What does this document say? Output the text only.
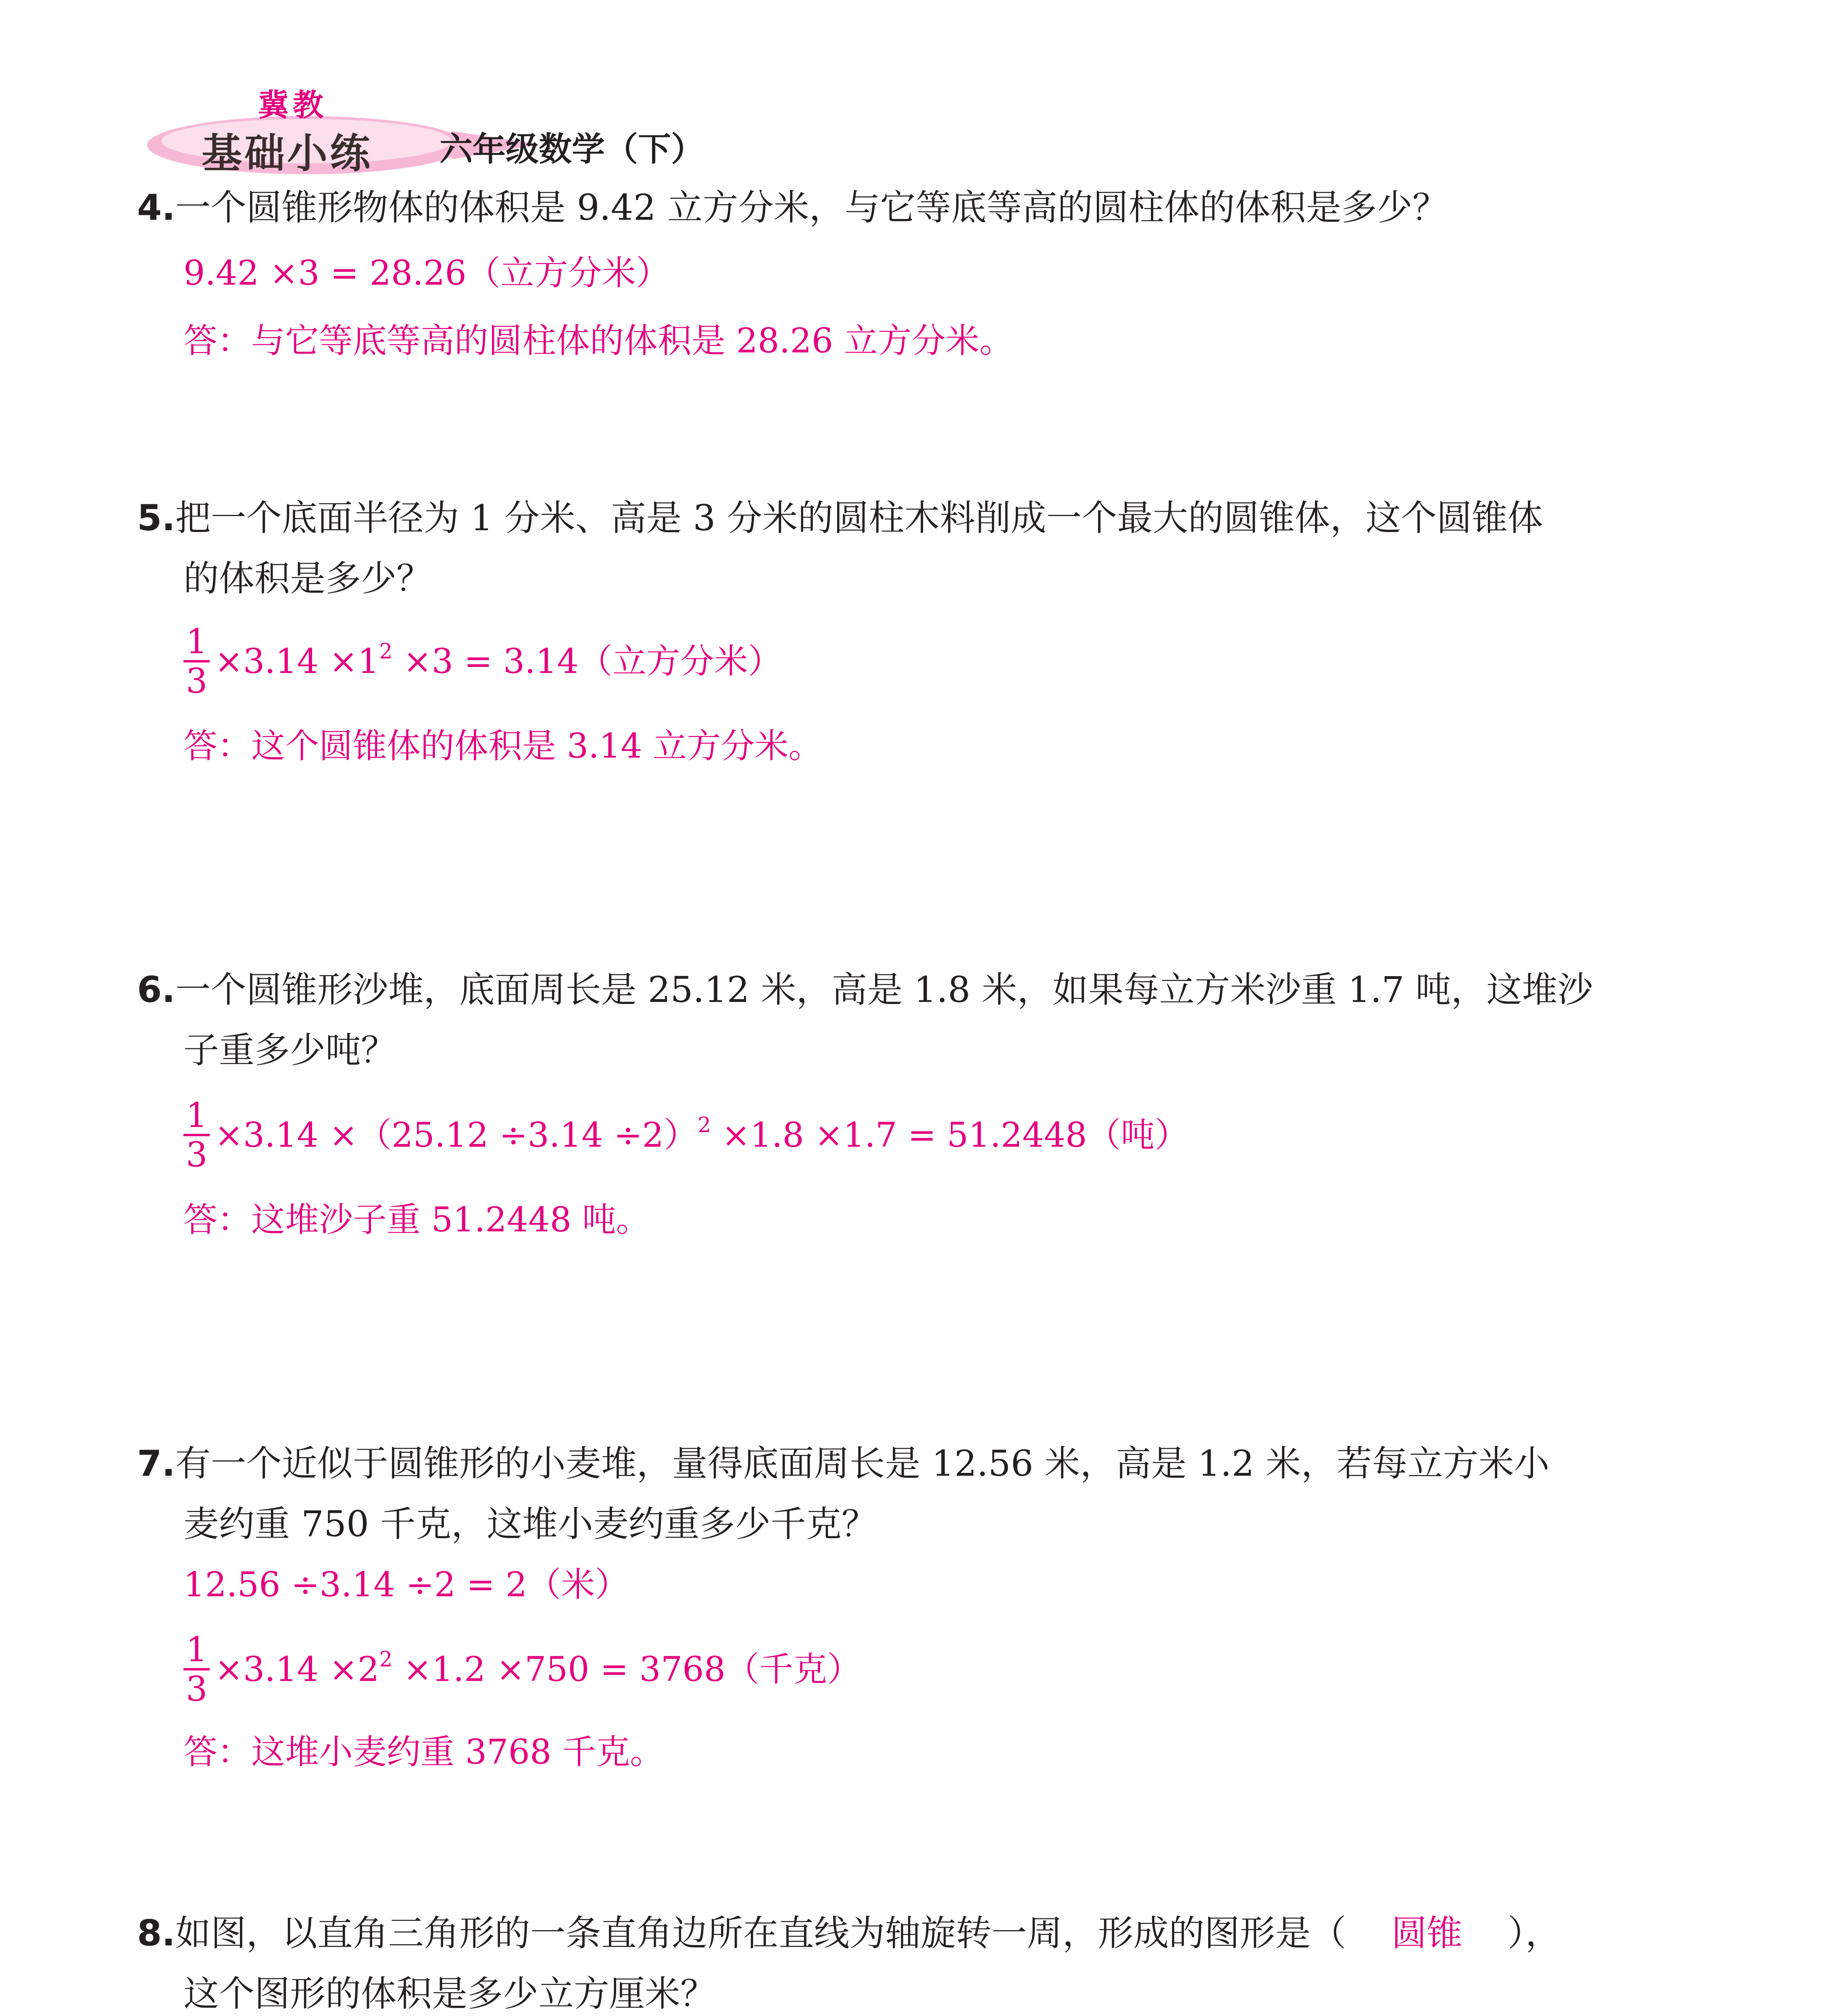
冀教
基础小练 六年级数学（下）
4.一个圆锥形物体的体积是 9.42 立方分米，与它等底等高的圆柱体的体积是多少？
9.42 ×3 = 28.26（立方分米）
答：与它等底等高的圆柱体的体积是 28.26 立方分米。
5.把一个底面半径为 1 分米、高是 3 分米的圆柱木料削成一个最大的圆锥体，这个圆锥体
的体积是多少？
$\frac{1}{3} \times 3.14 \times 1^2 \times 3 = 3.14$（立方分米）
答：这个圆锥体的体积是 3.14 立方分米。
6.一个圆锥形沙堆，底面周长是 25.12 米，高是 1.8 米，如果每立方米沙重 1.7 吨，这堆沙
子重多少吨？
$\frac{1}{3} \times 3.14 \times(25.12 \div 3.14 \div 2)^2 \times 1.8 \times 1.7 = 51.2448$（吨）
答：这堆沙子重 51.2448 吨。
7.有一个近似于圆锥形的小麦堆，量得底面周长是 12.56 米，高是 1.2 米，若每立方米小
麦约重 750 千克，这堆小麦约重多少千克？
12.56 ÷3.14 ÷2 = 2（米）
$\frac{1}{3} \times 3.14 \times 2^2 \times 1.2 \times 750 = 3768$（千克）
答：这堆小麦约重 3768 千克。
8.如图，以直角三角形的一条直角边所在直线为轴旋转一周，形成的图形是（ 圆锥 ），
这个图形的体积是多少立方厘米？
